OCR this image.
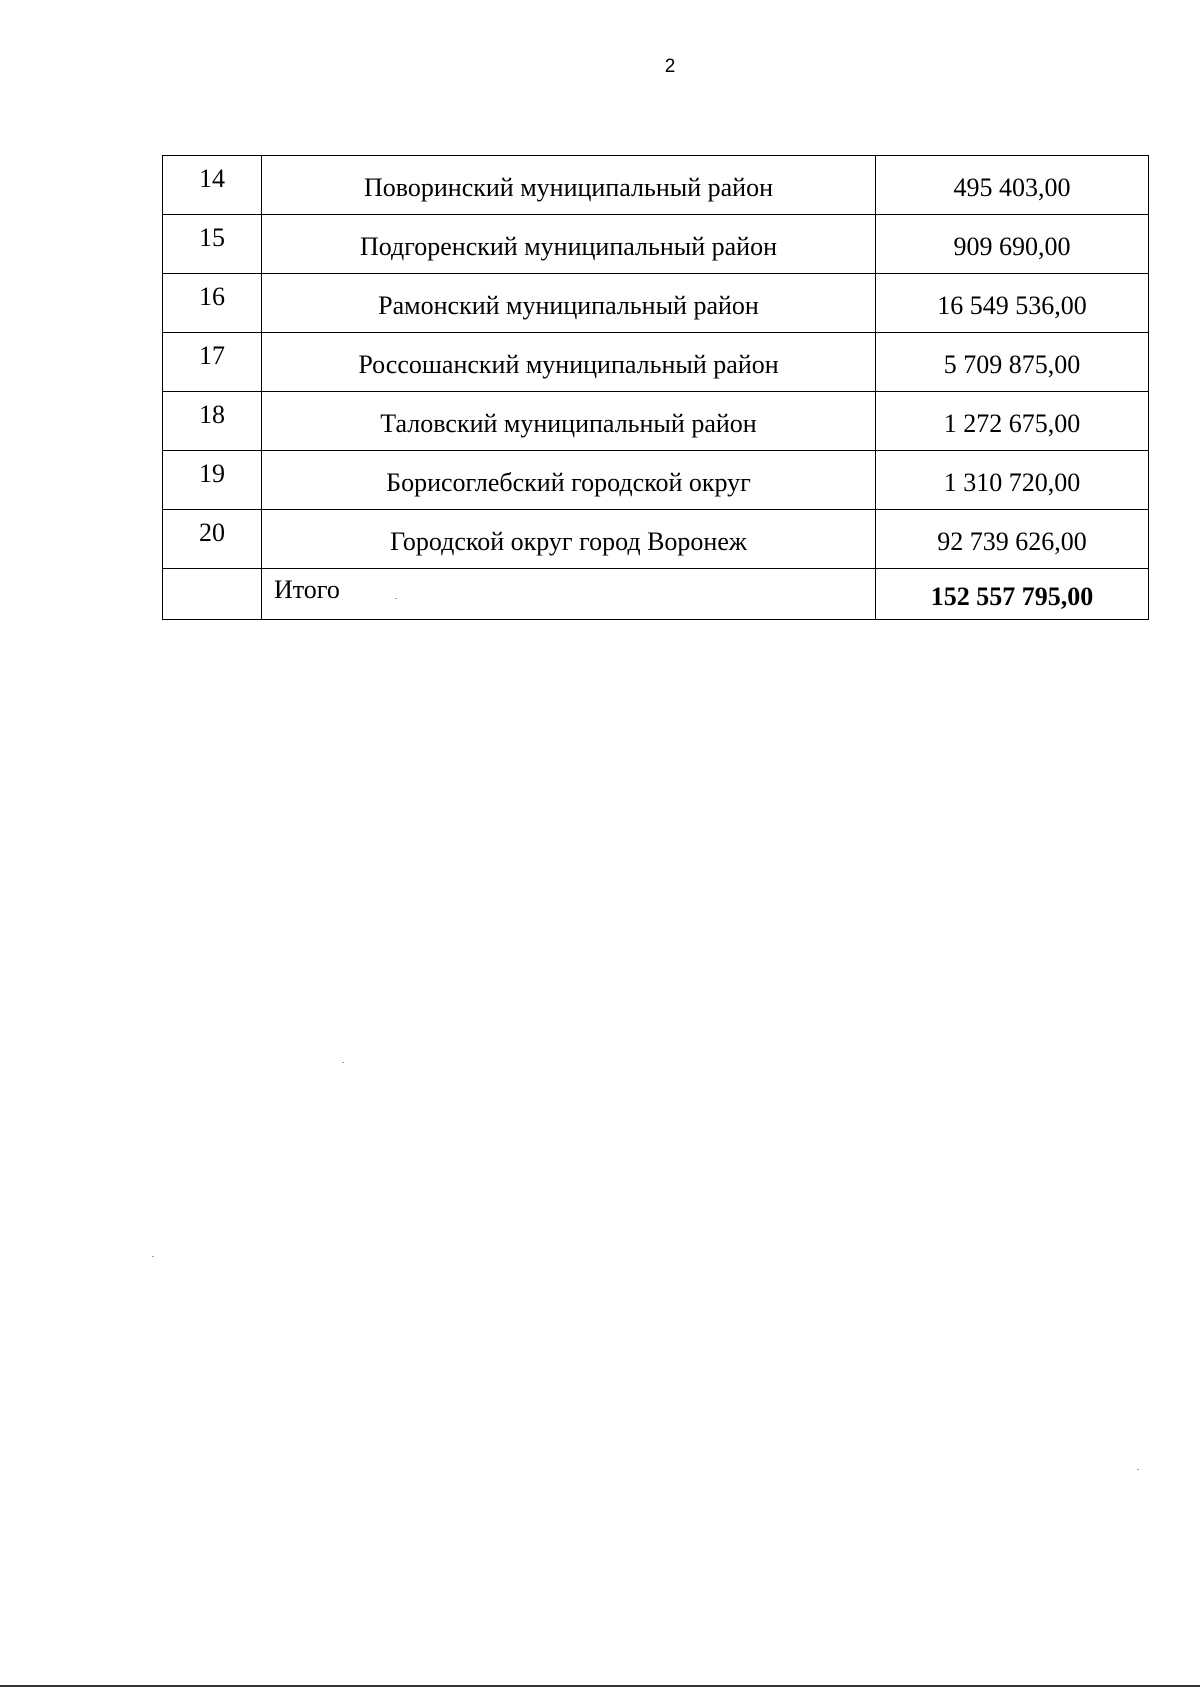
2
14	Поворинский муниципальный район	495 403,00
15	Подгоренский муниципальный район	909 690,00
16	Рамонский муниципальный район	16 549 536,00
17	Россошанский муниципальный район	5 709 875,00
18	Таловский муниципальный район	1 272 675,00
19	Борисоглебский городской округ	1 310 720,00
20	Городской округ город Воронеж	92 739 626,00
	Итого	152 557 795,00
